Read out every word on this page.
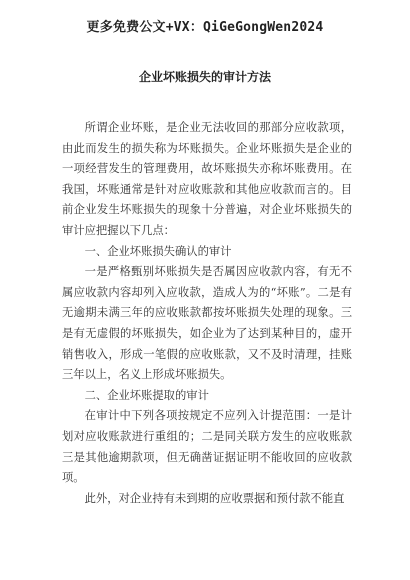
更多免费公文+VX：QiGeGongWen2024
企业坏账损失的审计方法

所谓企业坏账，是企业无法收回的那部分应收款项，由此而发生的损失称为坏账损失。企业坏账损失是企业的一项经营发生的管理费用，故坏账损失亦称坏账费用。在我国，坏账通常是针对应收账款和其他应收款而言的。目前企业发生坏账损失的现象十分普遍，对企业坏账损失的审计应把握以下几点：

一、企业坏账损失确认的审计

一是严格甄别坏账损失是否属因应收款内容，有无不属应收款内容却列入应收款，造成人为的“坏账”。二是有无逾期未满三年的应收账款都按坏账损失处理的现象。三是有无虚假的坏账损失，如企业为了达到某种目的，虚开销售收入，形成一笔假的应收账款，又不及时清理，挂账三年以上，名义上形成坏账损失。

二、企业坏账提取的审计

在审计中下列各项按规定不应列入计提范围：一是计划对应收账款进行重组的；二是同关联方发生的应收账款三是其他逾期款项，但无确凿证据证明不能收回的应收款项。

此外，对企业持有未到期的应收票据和预付款不能直
